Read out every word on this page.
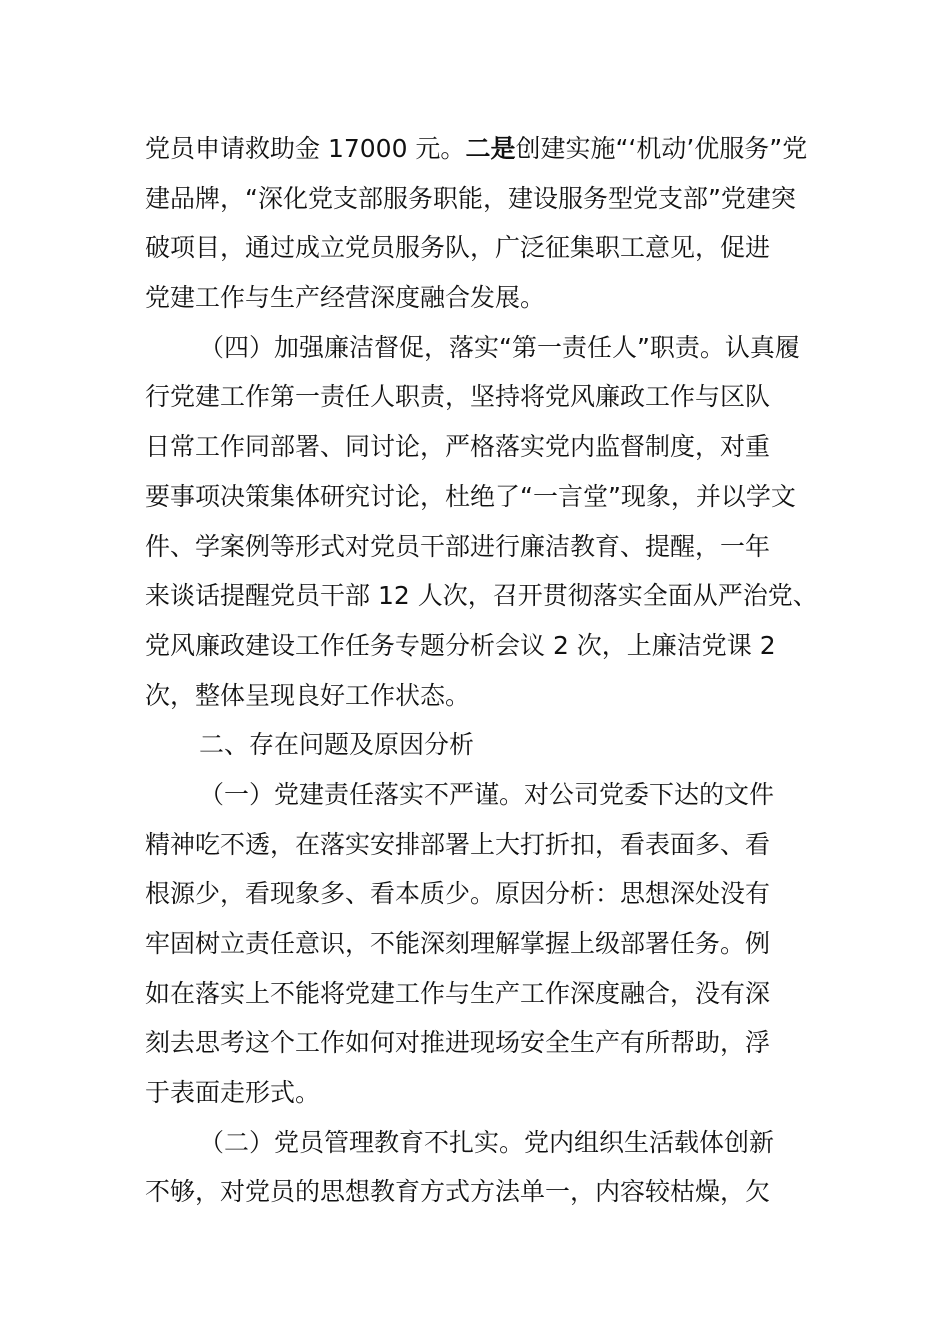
党员申请救助金 17000 元。二是创建实施“‘机动’优服务”党
建品牌，“深化党支部服务职能，建设服务型党支部”党建突
破项目，通过成立党员服务队，广泛征集职工意见，促进
党建工作与生产经营深度融合发展。
（四）加强廉洁督促，落实“第一责任人”职责。认真履
行党建工作第一责任人职责，坚持将党风廉政工作与区队
日常工作同部署、同讨论，严格落实党内监督制度，对重
要事项决策集体研究讨论，杜绝了“一言堂”现象，并以学文
件、学案例等形式对党员干部进行廉洁教育、提醒，一年
来谈话提醒党员干部 12 人次，召开贯彻落实全面从严治党、
党风廉政建设工作任务专题分析会议 2 次，上廉洁党课 2
次，整体呈现良好工作状态。
二、存在问题及原因分析
（一）党建责任落实不严谨。对公司党委下达的文件
精神吃不透，在落实安排部署上大打折扣，看表面多、看
根源少，看现象多、看本质少。原因分析：思想深处没有
牢固树立责任意识，不能深刻理解掌握上级部署任务。例
如在落实上不能将党建工作与生产工作深度融合，没有深
刻去思考这个工作如何对推进现场安全生产有所帮助，浮
于表面走形式。
（二）党员管理教育不扎实。党内组织生活载体创新
不够，对党员的思想教育方式方法单一，内容较枯燥，欠
